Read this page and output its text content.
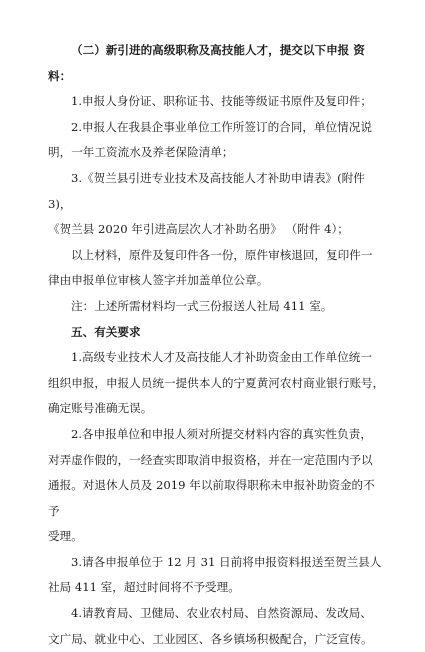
（二）新引进的高级职称及高技能人才，提交以下申报 资

料：

1.申报人身份证、职称证书、技能等级证书原件及复印件；

2.申报人在我县企事业单位工作所签订的合同，单位情况说

明，一年工资流水及养老保险清单；

3.《贺兰县引进专业技术及高技能人才补助申请表》(附件 3)，

《贺兰县 2020 年引进高层次人才补助名册》 （附件 4）；

以上材料，原件及复印件各一份，原件审核退回，复印件一

律由申报单位审核人签字并加盖单位公章。

注：上述所需材料均一式三份报送人社局 411 室。

五、有关要求

1.高级专业技术人才及高技能人才补助资金由工作单位统一

组织申报，申报人员统一提供本人的宁夏黄河农村商业银行账号，

确定账号准确无误。

2.各申报单位和申报人须对所提交材料内容的真实性负责，

对弄虚作假的，一经查实即取消申报资格，并在一定范围内予以

通报。对退休人员及 2019 年以前取得职称未申报补助资金的不予

受理。

3.请各申报单位于 12 月 31 日前将申报资料报送至贺兰县人

社局 411 室，超过时间将不予受理。

4.请教育局、卫健局、农业农村局、自然资源局、发改局、

文广局、就业中心、工业园区、各乡镇场积极配合，广泛宣传。
